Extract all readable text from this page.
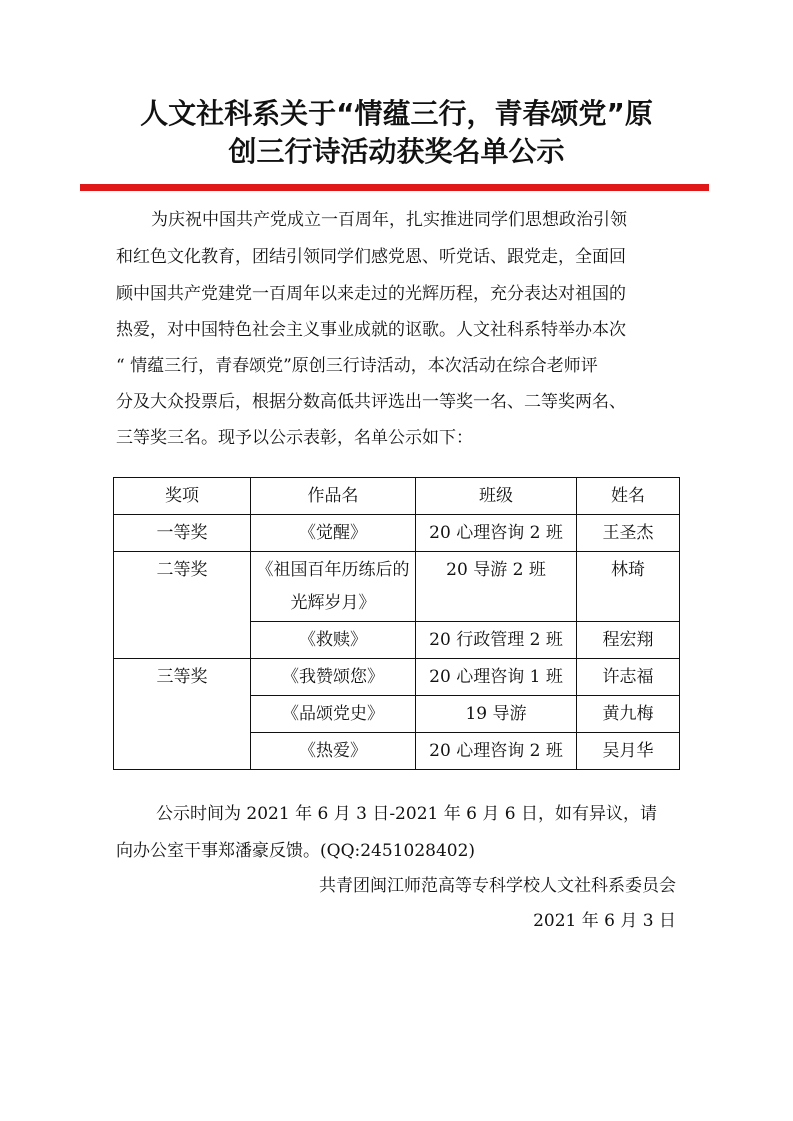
人文社科系关于“情蕴三行，青春颂党”原
创三行诗活动获奖名单公示

为庆祝中国共产党成立一百周年，扎实推进同学们思想政治引领

和红色文化教育，团结引领同学们感党恩、听党话、跟党走，全面回

顾中国共产党建党一百周年以来走过的光辉历程，充分表达对祖国的

热爱，对中国特色社会主义事业成就的讴歌。人文社科系特举办本次

“ 情蕴三行，青春颂党”原创三行诗活动，本次活动在综合老师评

分及大众投票后，根据分数高低共评选出一等奖一名、二等奖两名、

三等奖三名。现予以公示表彰，名单公示如下：

奖项	作品名	班级	姓名
一等奖	《觉醒》	20 心理咨询 2 班	王圣杰
二等奖	《祖国百年历练后的光辉岁月》	20 导游 2 班	林琦
	《救赎》	20 行政管理 2 班	程宏翔
三等奖	《我赞颂您》	20 心理咨询 1 班	许志福
	《品颂党史》	19 导游	黄九梅
	《热爱》	20 心理咨询 2 班	吴月华

公示时间为 2021 年 6 月 3 日-2021 年 6 月 6 日，如有异议，请

向办公室干事郑潘豪反馈。(QQ:2451028402)

共青团闽江师范高等专科学校人文社科系委员会

2021 年 6 月 3 日
